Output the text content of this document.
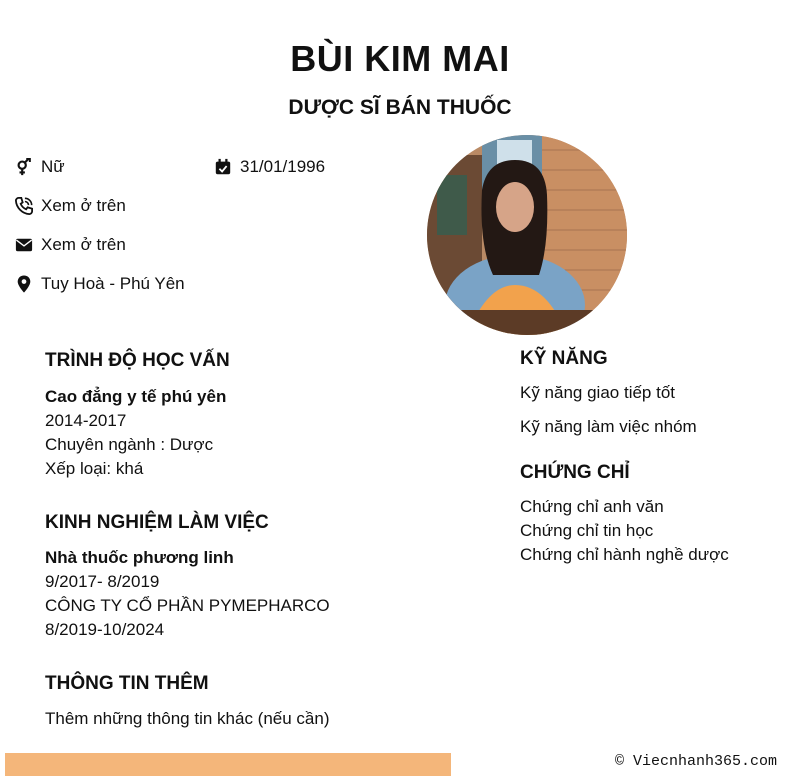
BÙI KIM MAI
DƯỢC SĨ BÁN THUỐC
Nữ	31/01/1996
Xem ở trên
Xem ở trên
Tuy Hoà - Phú Yên
TRÌNH ĐỘ HỌC VẤN
Cao đẳng y tế phú yên
2014-2017
Chuyên ngành : Dược
Xếp loại: khá
KINH NGHIỆM LÀM VIỆC
Nhà thuốc phương linh
9/2017- 8/2019
CÔNG TY CỔ PHẦN PYMEPHARCO
8/2019-10/2024
THÔNG TIN THÊM
Thêm những thông tin khác (nếu cần)
KỸ NĂNG
Kỹ năng giao tiếp tốt
Kỹ năng làm việc nhóm
CHỨNG CHỈ
Chứng chỉ anh văn
Chứng chỉ tin học
Chứng chỉ hành nghề dược
© Viecnhanh365.com
